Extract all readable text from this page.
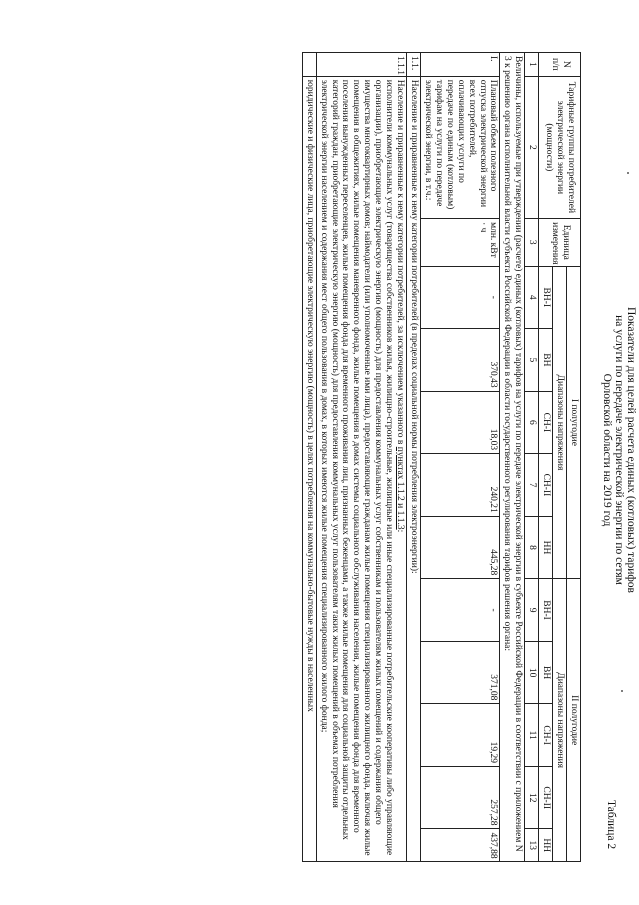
Таблица 2
Показатели для целей расчета единых (котловых) тарифов
на услуги по передаче электрической энергии по сетям
Орловской области на 2019 год
N п/п	Тарифные группы потребителей электрической энергии (мощности)	Единица измерения	I полугодие					II полугодие				
			Диапазоны напряжения					Диапазоны напряжения				
			ВН-I	ВН	СН-I	СН-II	НН	ВН-I	ВН	СН-I	СН-II	НН
1	2	3	4	5	6	7	8	9	10	11	12	13
Величины, используемые при утверждении (расчете) единых (котловых) тарифов на услуги по передаче электрической энергии в субъекте Российской Федерации в соответствии с приложением N 3 к решению органа исполнительной власти субъекта Российской Федерации в области государственного регулирования тарифов решения органа:												
I.	Плановый объем полезного отпуска электрической энергии всех потребителей, оплачивающих услуги по передаче по единым (котловым) тарифам на услуги по передаче электрической энергии, в т.ч.:	млн. кВт · ч	-	370,43	18,03	240,21	445,28	-	371,08	19,29	257,28	437,88
1.1.	Население и приравненные к нему категории потребителей (в пределах социальной нормы потребления электроэнергии):											
1.1.1	Население и приравненные к нему категории потребителей, за исключением указанного в пунктах 1.1.2 и 1.1.3:
исполнители коммунальных услуг (товарищества собственников жилья, жилищно-строительные, жилищные или иные специализированные потребительские кооперативы либо управляющие организации), приобретающие электрическую энергию (мощность) для предоставления коммунальных услуг собственникам и пользователям жилых помещений и содержания общего имущества многоквартирных домов; наймодатели (или уполномоченные ими лица), предоставляющие гражданам жилые помещения специализированного жилищного фонда, включая жилые помещения в общежитиях, жилые помещения маневренного фонда, жилые помещения в домах системы социального обслуживания населения, жилые помещения фонда для временного поселения вынужденных переселенцев, жилые помещения фонда для временного проживания лиц, признанных беженцами, а также жилые помещения для социальной защиты отдельных категорий граждан, приобретающие электрическую энергию (мощность) для предоставления коммунальных услуг пользователям таких жилых помещений в объемах потребления электрической энергии населением и содержания мест общего пользования в домах, в которых имеются жилые помещения специализированного жилого фонда;											

	юридические и физические лица, приобретающие электрическую энергию (мощность) в целях потребления на коммунально-бытовые нужды в населенных											
